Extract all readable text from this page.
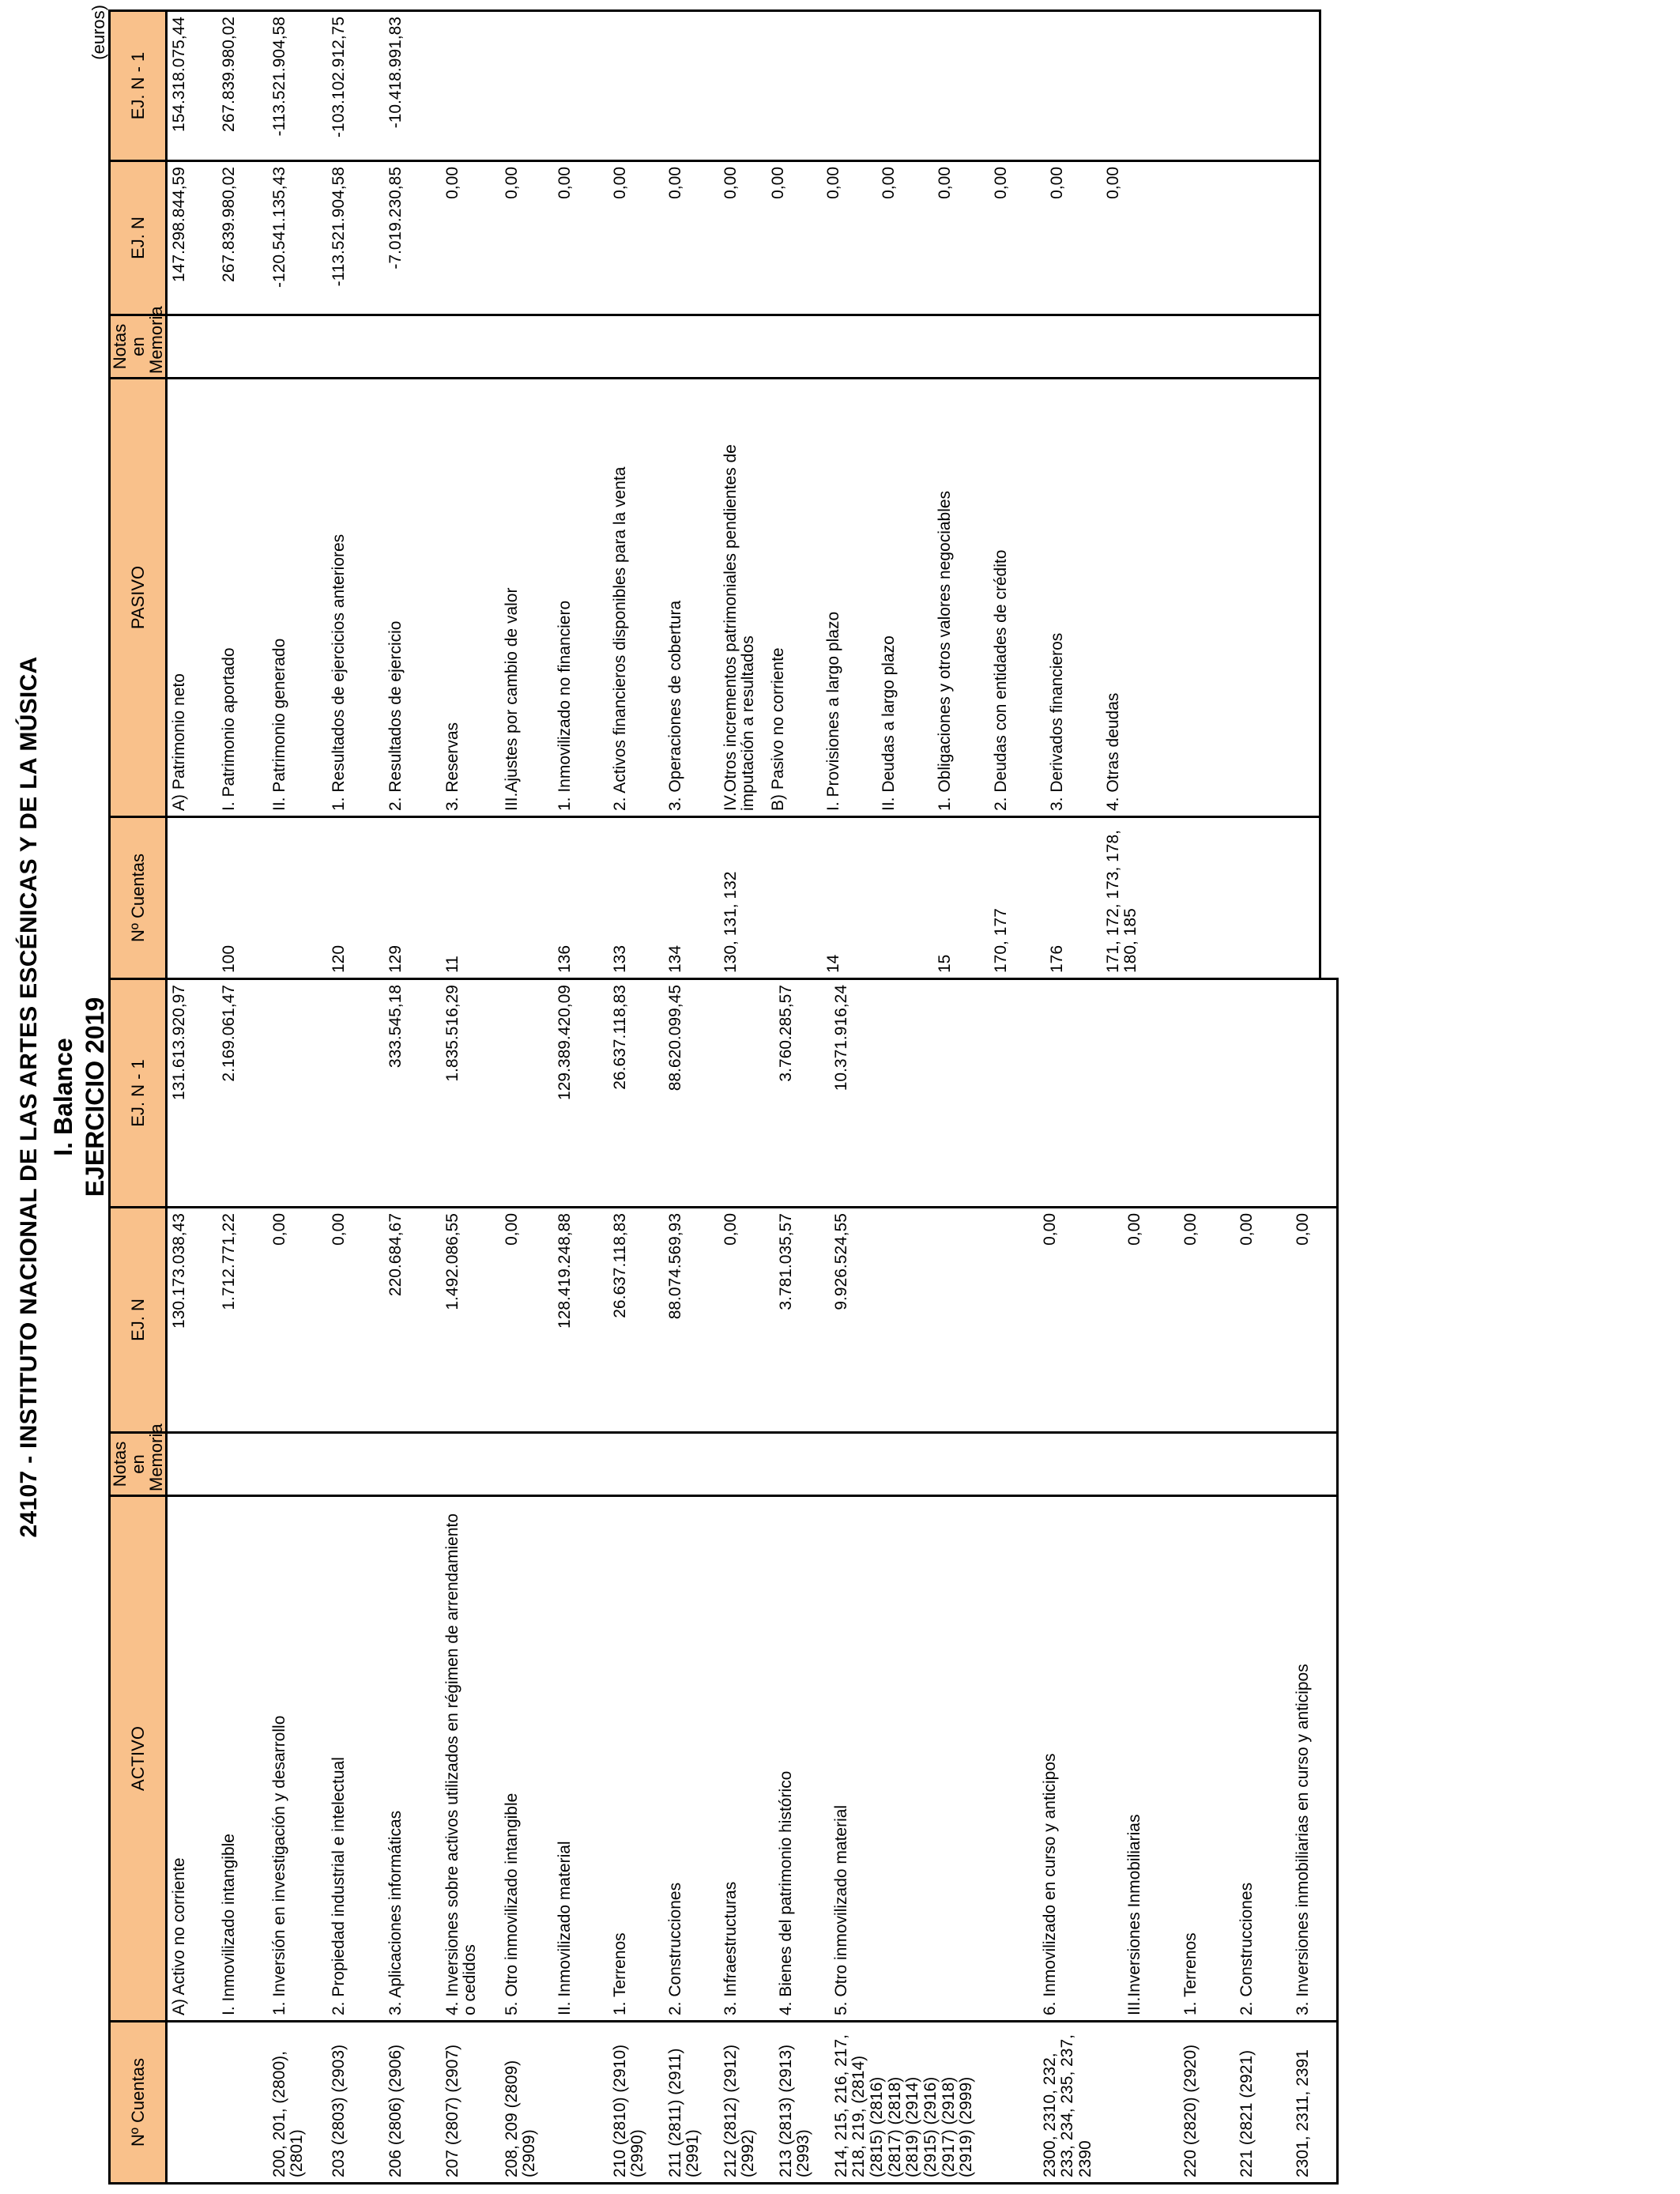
24107 - INSTITUTO NACIONAL DE LAS ARTES ESCÉNICAS Y DE LA MÚSICA I. Balance EJERCICIO 2019
(euros)
Nº Cuentas	ACTIVO	Notas en Memoria	EJ. N	EJ. N - 1
	A) Activo no corriente		130.173.038,43	131.613.920,97
	I. Inmovilizado intangible		1.712.771,22	2.169.061,47
200, 201, (2800), (2801)	1. Inversión en investigación y desarrollo		0,00	
203 (2803) (2903)	2. Propiedad industrial e intelectual		0,00	
206 (2806) (2906)	3. Aplicaciones informáticas		220.684,67	333.545,18
207 (2807) (2907)	4. Inversiones sobre activos utilizados en régimen de arrendamiento o cedidos		1.492.086,55	1.835.516,29
208, 209 (2809) (2909)	5. Otro inmovilizado intangible		0,00	
	II. Inmovilizado material		128.419.248,88	129.389.420,09
210 (2810) (2910) (2990)	1. Terrenos		26.637.118,83	26.637.118,83
211 (2811) (2911) (2991)	2. Construcciones		88.074.569,93	88.620.099,45
212 (2812) (2912) (2992)	3. Infraestructuras		0,00	
213 (2813) (2913) (2993)	4. Bienes del patrimonio histórico		3.781.035,57	3.760.285,57
214, 215, 216, 217, 218, 219, (2814) (2815) (2816) (2817) (2818) (2819) (2914) (2915) (2916) (2917) (2918) (2919) (2999)	5. Otro inmovilizado material		9.926.524,55	10.371.916,24
2300, 2310, 232, 233, 234, 235, 237, 2390	6. Inmovilizado en curso y anticipos		0,00	
	III.Inversiones Inmobiliarias		0,00	
220 (2820) (2920)	1. Terrenos		0,00	
221 (2821 (2921)	2. Construcciones		0,00	
2301, 2311, 2391	3. Inversiones inmobiliarias en curso y anticipos		0,00	

Nº Cuentas	PASIVO	Notas en Memoria	EJ. N	EJ. N - 1
	A) Patrimonio neto		147.298.844,59	154.318.075,44
100	I. Patrimonio aportado		267.839.980,02	267.839.980,02
	II. Patrimonio generado		-120.541.135,43	-113.521.904,58
120	1. Resultados de ejercicios anteriores		-113.521.904,58	-103.102.912,75
129	2. Resultados de ejercicio		-7.019.230,85	-10.418.991,83
11	3. Reservas		0,00	
	III.Ajustes por cambio de valor		0,00	
136	1. Inmovilizado no financiero		0,00	
133	2. Activos financieros disponibles para la venta		0,00	
134	3. Operaciones de cobertura		0,00	
130, 131, 132	IV.Otros incrementos patrimoniales pendientes de imputación a resultados		0,00	
	B) Pasivo no corriente		0,00	
14	I. Provisiones a largo plazo		0,00	
	II. Deudas a largo plazo		0,00	
15	1. Obligaciones y otros valores negociables		0,00	
170, 177	2. Deudas con entidades de crédito		0,00	
176	3. Derivados financieros		0,00	
171, 172, 173, 178, 180, 185	4. Otras deudas		0,00	
